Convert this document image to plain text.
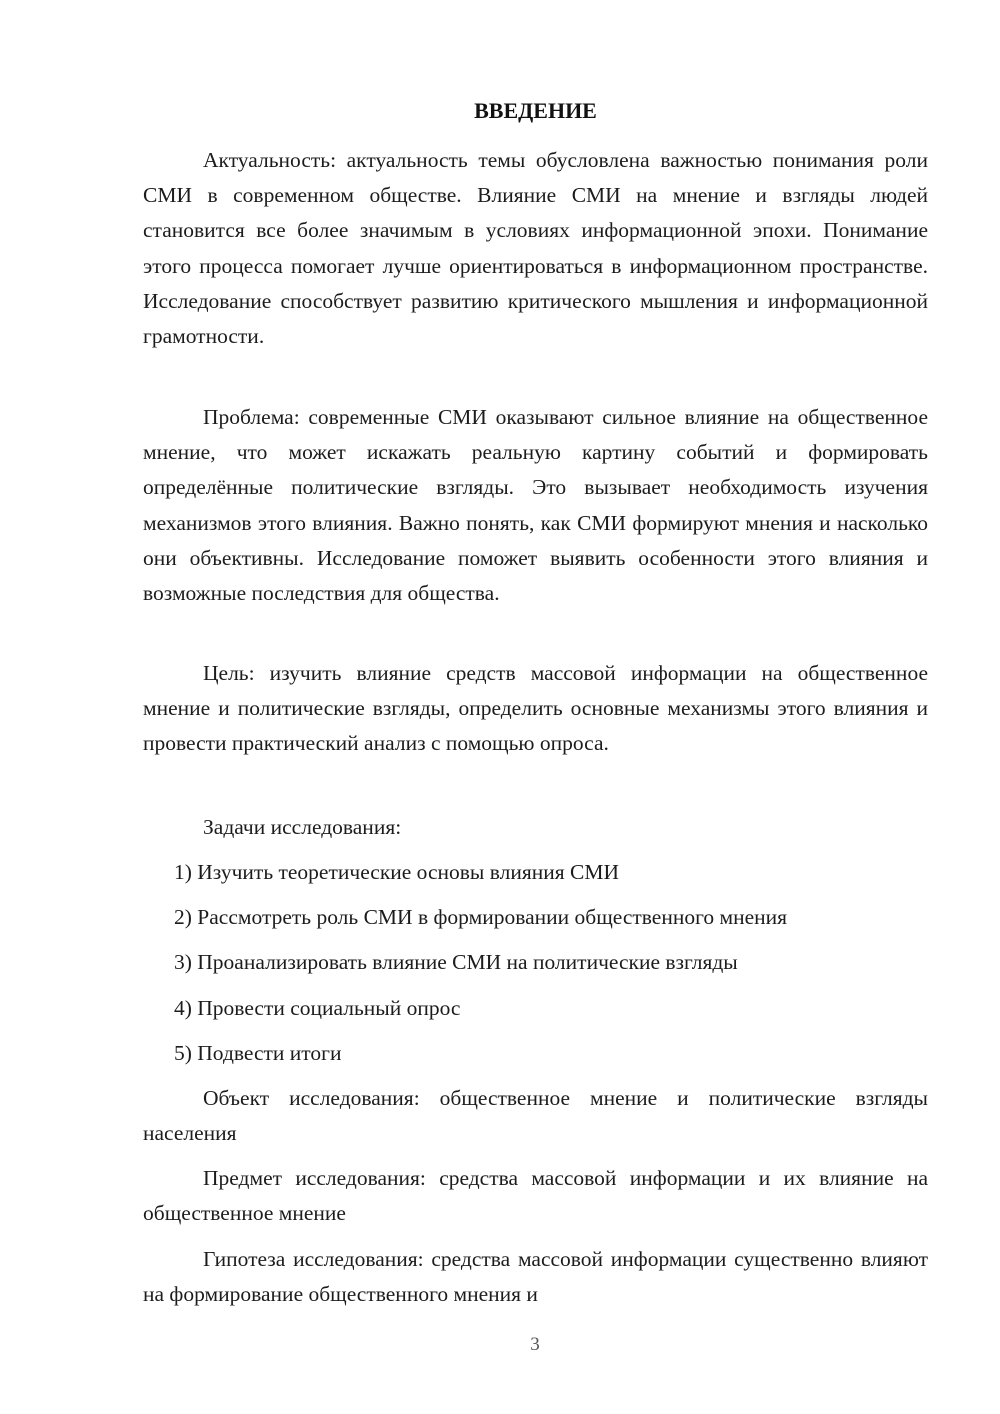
ВВЕДЕНИЕ

Актуальность: актуальность темы обусловлена важностью понимания роли СМИ в современном обществе. Влияние СМИ на мнение и взгляды людей становится все более значимым в условиях информационной эпохи. Понимание этого процесса помогает лучше ориентироваться в информационном пространстве. Исследование способствует развитию критического мышления и информационной грамотности.

Проблема: современные СМИ оказывают сильное влияние на общественное мнение, что может искажать реальную картину событий и формировать определённые политические взгляды. Это вызывает необходимость изучения механизмов этого влияния. Важно понять, как СМИ формируют мнения и насколько они объективны. Исследование поможет выявить особенности этого влияния и возможные последствия для общества.

Цель: изучить влияние средств массовой информации на общественное мнение и политические взгляды, определить основные механизмы этого влияния и провести практический анализ с помощью опроса.

Задачи исследования:

1) Изучить теоретические основы влияния СМИ

2) Рассмотреть роль СМИ в формировании общественного мнения

3) Проанализировать влияние СМИ на политические взгляды

4) Провести социальный опрос

5) Подвести итоги

Объект исследования: общественное мнение и политические взгляды населения

Предмет исследования: средства массовой информации и их влияние на общественное мнение

Гипотеза исследования: средства массовой информации существенно влияют на формирование общественного мнения и

3
